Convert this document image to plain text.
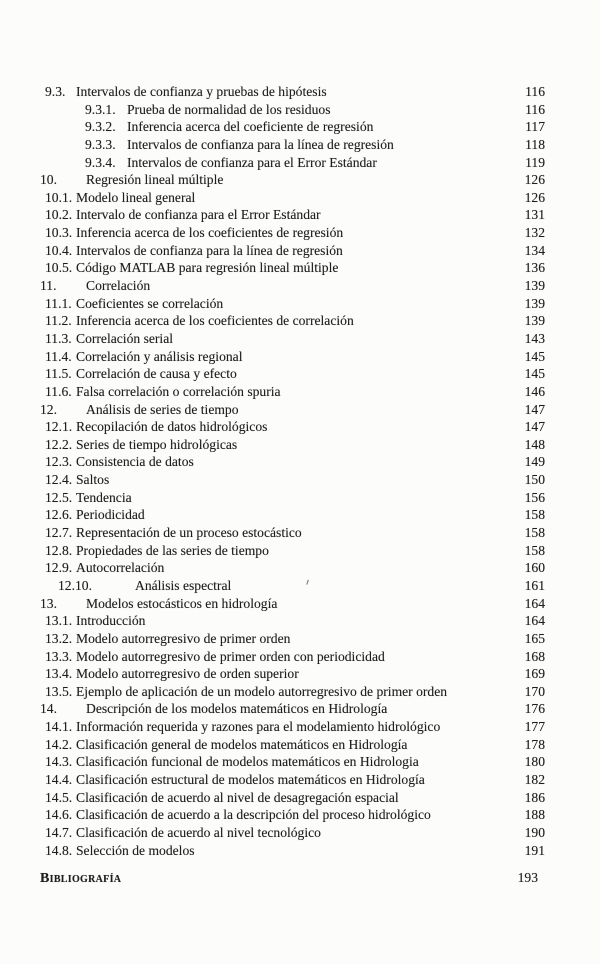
9.3. Intervalos de confianza y pruebas de hipótesis	116
9.3.1. Prueba de normalidad de los residuos	116
9.3.2. Inferencia acerca del coeficiente de regresión	117
9.3.3. Intervalos de confianza para la línea de regresión	118
9.3.4. Intervalos de confianza para el Error Estándar	119
10.	Regresión lineal múltiple	126
10.1. Modelo lineal general	126
10.2. Intervalo de confianza para el Error Estándar	131
10.3. Inferencia acerca de los coeficientes de regresión	132
10.4. Intervalos de confianza para la línea de regresión	134
10.5. Código MATLAB para regresión lineal múltiple	136
11.	Correlación	139
11.1. Coeficientes se correlación	139
11.2. Inferencia acerca de los coeficientes de correlación	139
11.3. Correlación serial	143
11.4. Correlación y análisis regional	145
11.5. Correlación de causa y efecto	145
11.6. Falsa correlación o correlación spuria	146
12.	Análisis de series de tiempo	147
12.1. Recopilación de datos hidrológicos	147
12.2. Series de tiempo hidrológicas	148
12.3. Consistencia de datos	149
12.4. Saltos	150
12.5. Tendencia	156
12.6. Periodicidad	158
12.7. Representación de un proceso estocástico	158
12.8. Propiedades de las series de tiempo	158
12.9. Autocorrelación	160
12.10.	Análisis espectral	161
13.	Modelos estocásticos en hidrología	164
13.1. Introducción	164
13.2. Modelo autorregresivo de primer orden	165
13.3. Modelo autorregresivo de primer orden con periodicidad	168
13.4. Modelo autorregresivo de orden superior	169
13.5. Ejemplo de aplicación de un modelo autorregresivo de primer orden	170
14.	Descripción de los modelos matemáticos en Hidrología	176
14.1. Información requerida y razones para el modelamiento hidrológico	177
14.2. Clasificación general de modelos matemáticos en Hidrología	178
14.3. Clasificación funcional de modelos matemáticos en Hidrologia	180
14.4. Clasificación estructural de modelos matemáticos en Hidrología	182
14.5. Clasificación de acuerdo al nivel de desagregación espacial	186
14.6. Clasificación de acuerdo a la descripción del proceso hidrológico	188
14.7. Clasificación de acuerdo al nivel tecnológico	190
14.8. Selección de modelos	191
Bibliografía	193
